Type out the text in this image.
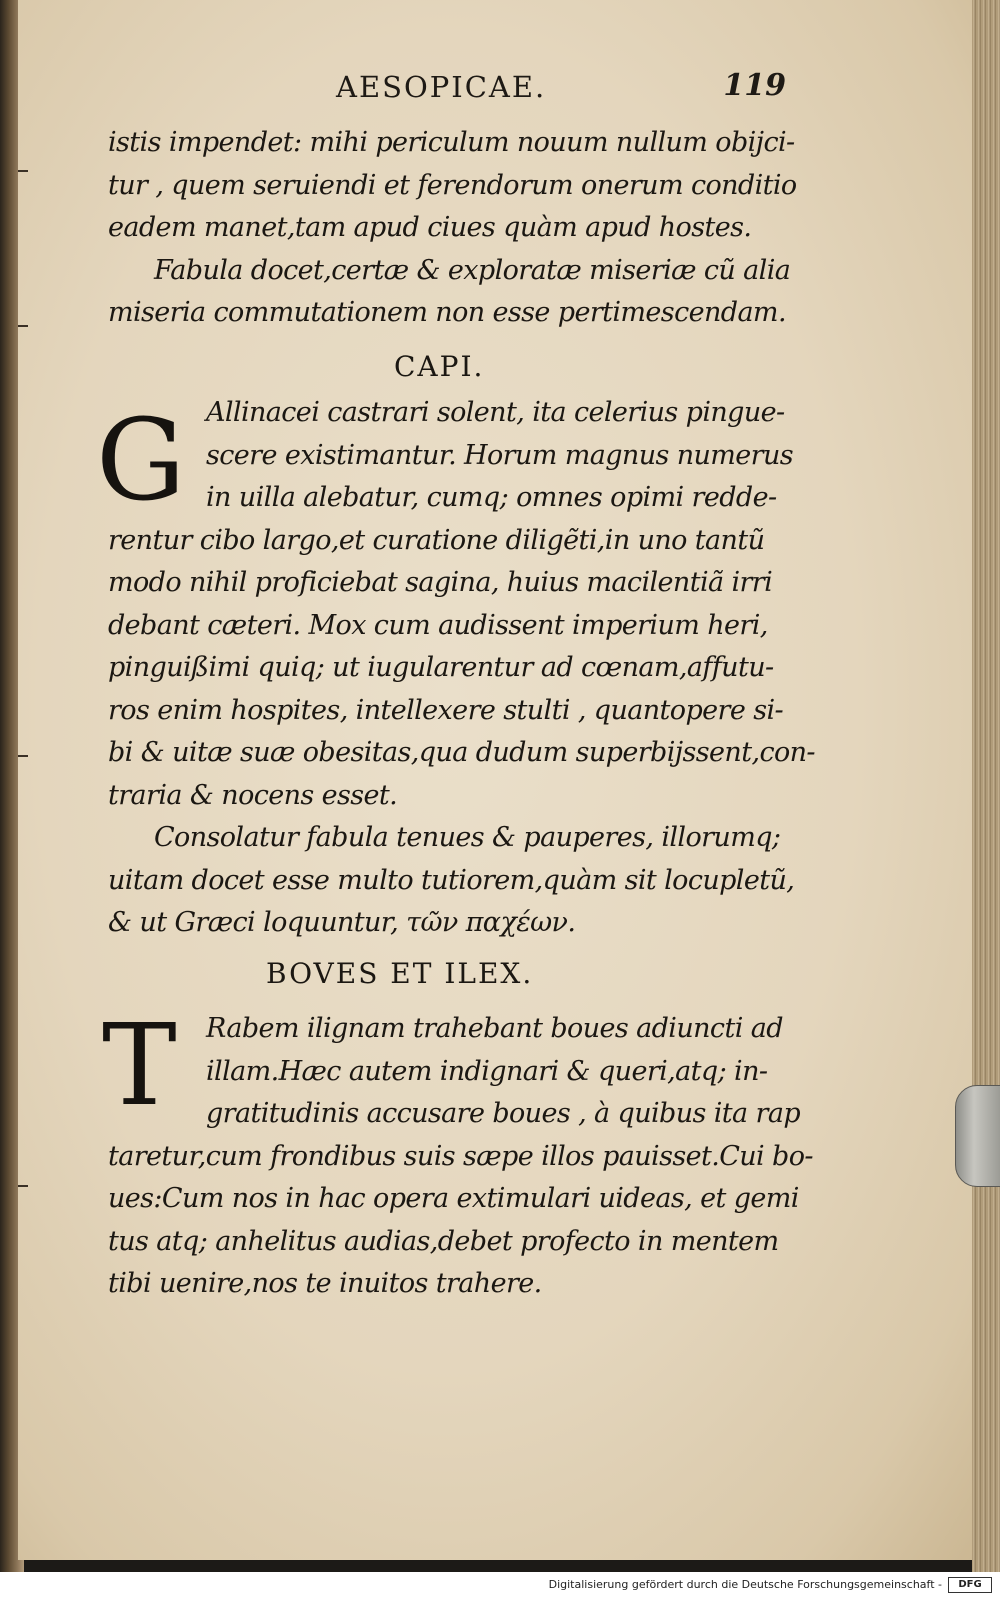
AESOPICAE.	119
istis impendet: mihi periculum nouum nullum obijci-
tur , quem seruiendi et ferendorum onerum conditio
eadem manet,tam apud ciues quàm apud hostes.
Fabula docet,certæ & exploratæ miseriæ cũ alia
miseria commutationem non esse pertimescendam.
CAPI.
G Allinacei castrari solent, ita celerius pingue-
scere existimantur. Horum magnus numerus
in uilla alebatur, cumq; omnes opimi redde-
rentur cibo largo,et curatione diligẽti,in uno tantũ
modo nihil proficiebat sagina, huius macilentiã irri
debant cæteri. Mox cum audissent imperium heri,
pinguißimi quiq; ut iugularentur ad cœnam,affutu-
ros enim hospites, intellexere stulti , quantopere si-
bi & uitæ suæ obesitas,qua dudum superbijssent,con-
traria & nocens esset.
Consolatur fabula tenues & pauperes, illorumq;
uitam docet esse multo tutiorem,quàm sit locupletũ,
& ut Græci loquuntur, τῶν παχέων.
BOVES ET ILEX.
T	Rabem ilignam trahebant boues adiuncti ad
illam.Hæc autem indignari & queri,atq; in-
gratitudinis accusare boues , à quibus ita rap
taretur,cum frondibus suis sæpe illos pauisset.Cui bo-
ues:Cum nos in hac opera extimulari uideas, et gemi
tus atq; anhelitus audias,debet profecto in mentem
tibi uenire,nos te inuitos trahere.
Digitalisierung gefördert durch die Deutsche Forschungsgemeinschaft -	DFG
